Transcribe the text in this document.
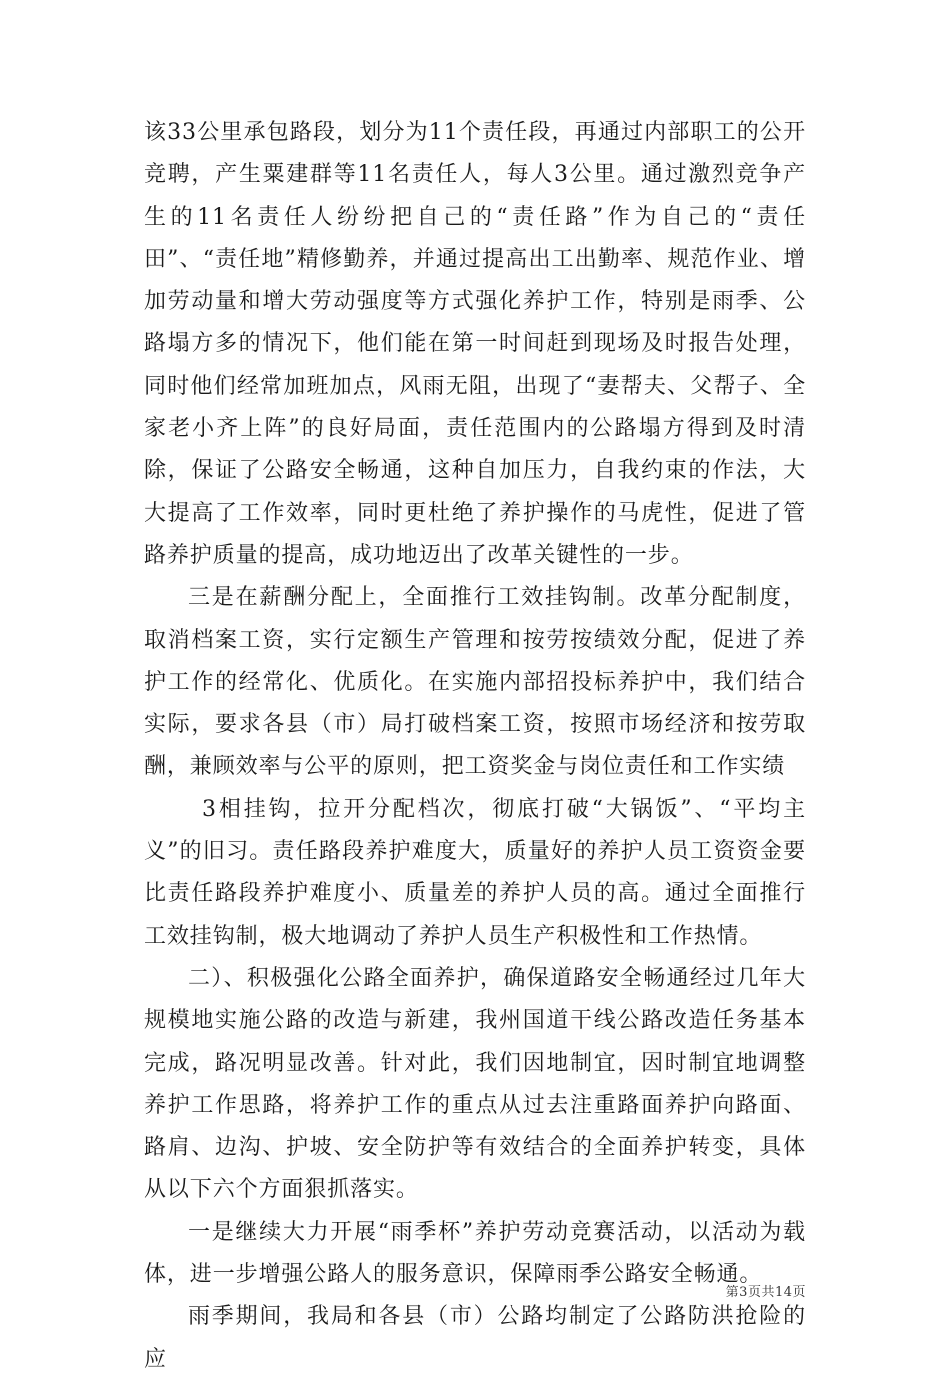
该33公里承包路段，划分为11个责任段，再通过内部职工的公开竞聘，产生粟建群等11名责任人，每人3公里。通过激烈竞争产生的11名责任人纷纷把自己的“责任路”作为自己的“责任田”、“责任地”精修勤养，并通过提高出工出勤率、规范作业、增加劳动量和增大劳动强度等方式强化养护工作，特别是雨季、公路塌方多的情况下，他们能在第一时间赶到现场及时报告处理，同时他们经常加班加点，风雨无阻，出现了“妻帮夫、父帮子、全家老小齐上阵”的良好局面，责任范围内的公路塌方得到及时清除，保证了公路安全畅通，这种自加压力，自我约束的作法，大大提高了工作效率，同时更杜绝了养护操作的马虎性，促进了管路养护质量的提高，成功地迈出了改革关键性的一步。

三是在薪酬分配上，全面推行工效挂钩制。改革分配制度，取消档案工资，实行定额生产管理和按劳按绩效分配，促进了养护工作的经常化、优质化。在实施内部招投标养护中，我们结合实际，要求各县（市）局打破档案工资，按照市场经济和按劳取酬，兼顾效率与公平的原则，把工资奖金与岗位责任和工作实绩

3相挂钩，拉开分配档次，彻底打破“大锅饭”、“平均主义”的旧习。责任路段养护难度大，质量好的养护人员工资资金要比责任路段养护难度小、质量差的养护人员的高。通过全面推行工效挂钩制，极大地调动了养护人员生产积极性和工作热情。

二）、积极强化公路全面养护，确保道路安全畅通经过几年大规模地实施公路的改造与新建，我州国道干线公路改造任务基本完成，路况明显改善。针对此，我们因地制宜，因时制宜地调整养护工作思路，将养护工作的重点从过去注重路面养护向路面、路肩、边沟、护坡、安全防护等有效结合的全面养护转变，具体从以下六个方面狠抓落实。

一是继续大力开展“雨季杯”养护劳动竞赛活动，以活动为载体，进一步增强公路人的服务意识，保障雨季公路安全畅通。

雨季期间，我局和各县（市）公路均制定了公路防洪抢险的应

第3页共14页
